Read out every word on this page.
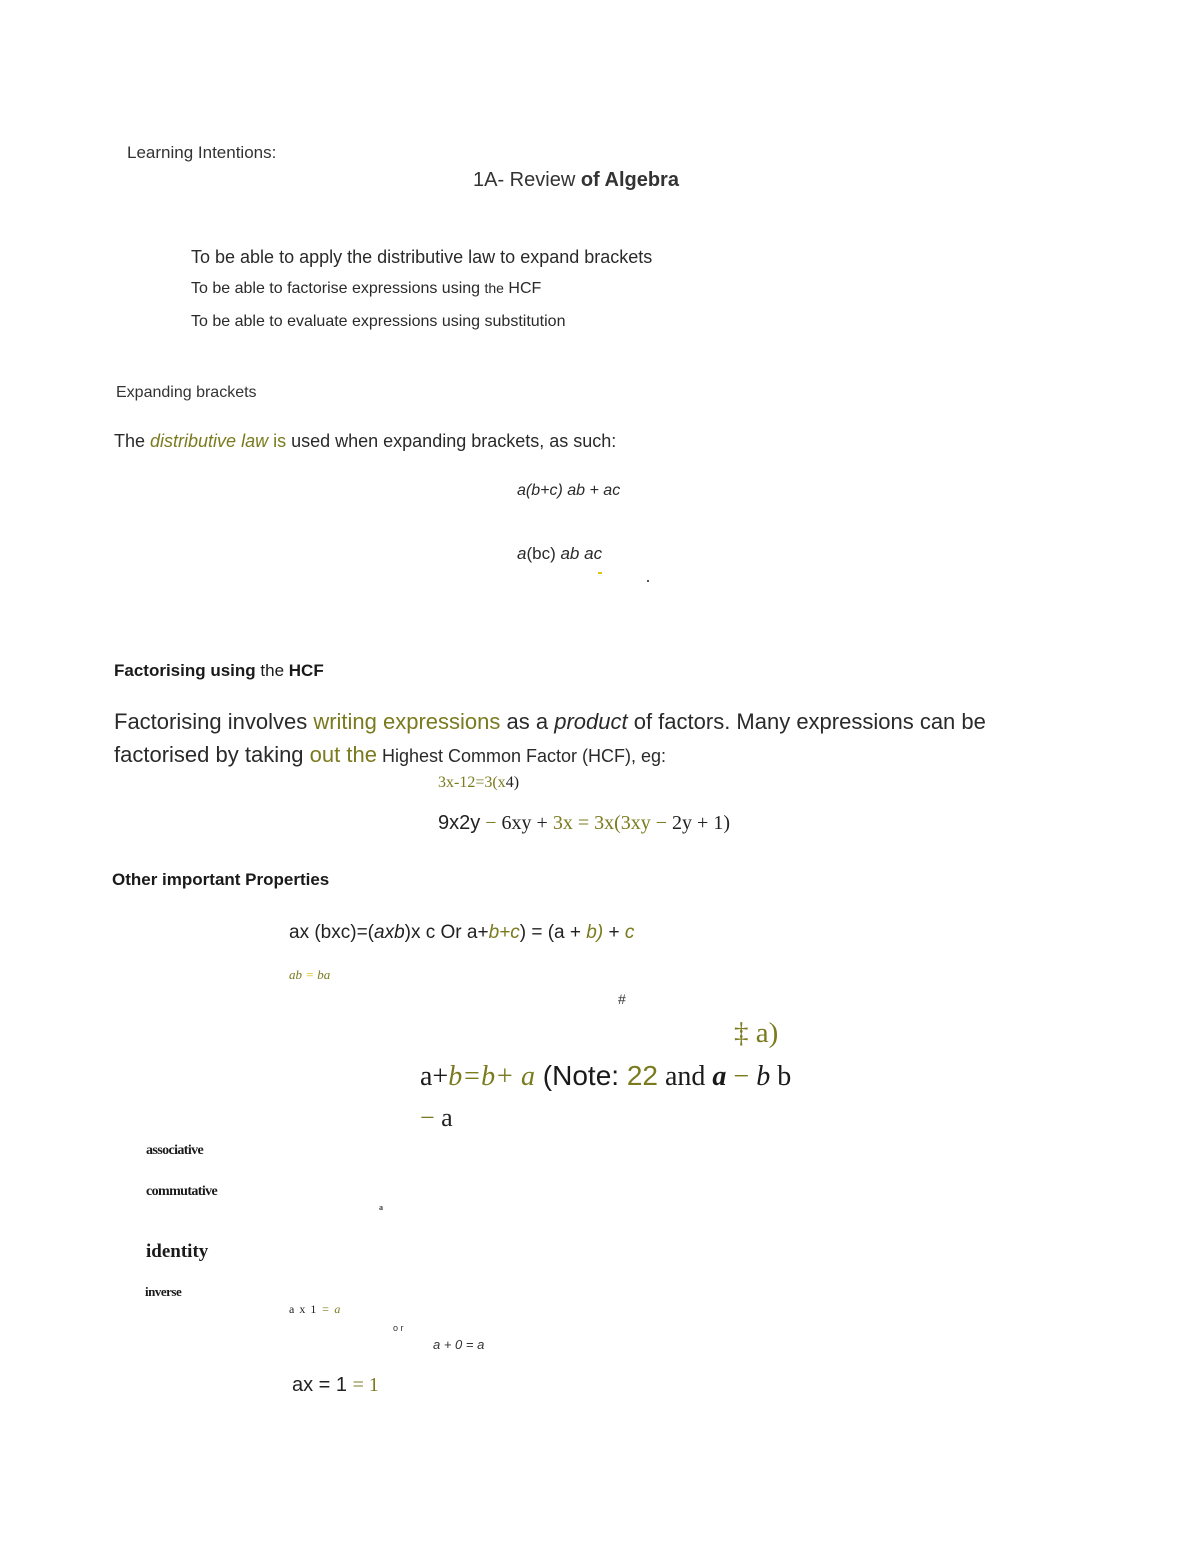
Learning Intentions:
1A- Review of Algebra
To be able to apply the distributive law to expand brackets
To be able to factorise expressions using the HCF
To be able to evaluate expressions using substitution
Expanding brackets
The distributive law is used when expanding brackets, as such:
a(b+c) ab + ac
a(bc) ab ac
Factorising using the HCF
Factorising involves writing expressions as a product of factors. Many expressions can be
factorised by taking out the Highest Common Factor (HCF), eg:
3x-12=3(x4)
9x2y − 6xy + 3x = 3x(3xy − 2y + 1)
Other important Properties
ax (bxc)=(axb)x c Or a+b+c) = (a + b) + c
ab = ba
#
‡ a)
a+b=b+ a (Note: 22 and a − b b
− a
associative
commutative
a
identity
inverse
a x 1 = a
o r
a + 0 = a
ax = 1 = 1
